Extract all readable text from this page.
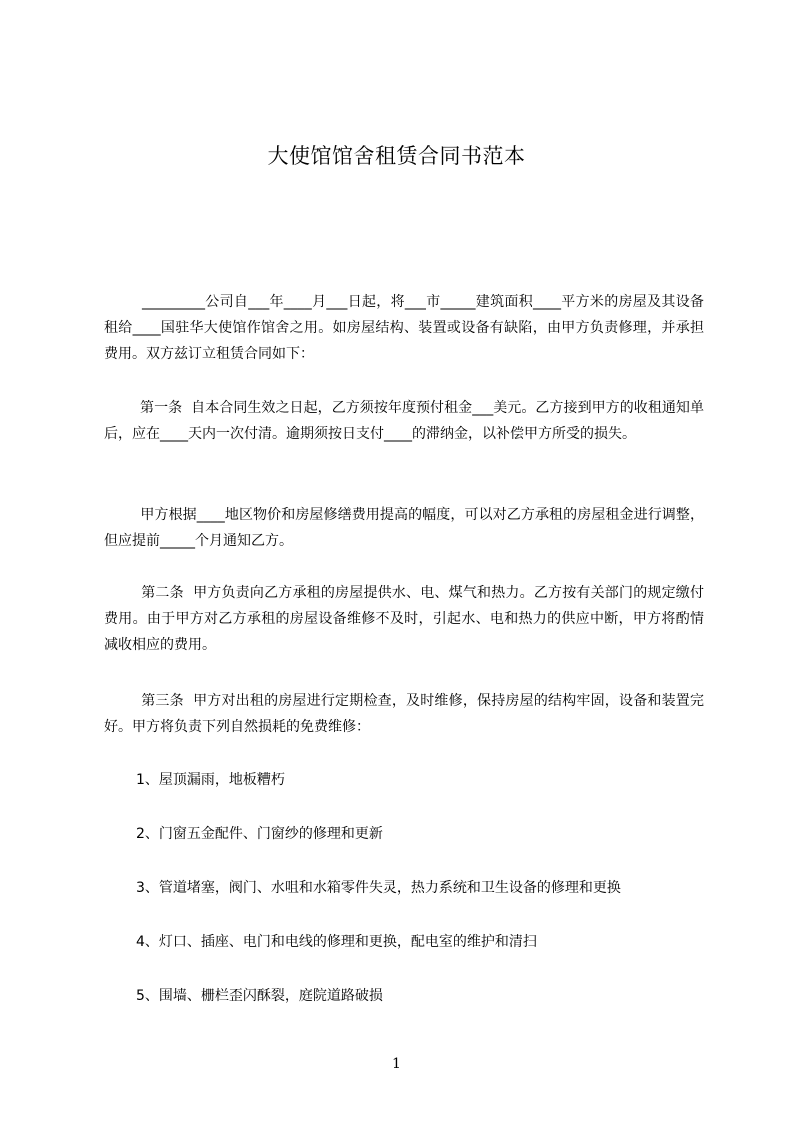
大使馆馆舍租赁合同书范本

_________公司自___年____月___日起，将___市_____建筑面积____平方米的房屋及其设备租给____国驻华大使馆作馆舍之用。如房屋结构、装置或设备有缺陷，由甲方负责修理，并承担费用。双方兹订立租赁合同如下：

第一条  自本合同生效之日起，乙方须按年度预付租金___美元。乙方接到甲方的收租通知单后，应在____天内一次付清。逾期须按日支付____的滞纳金，以补偿甲方所受的损失。

甲方根据____地区物价和房屋修缮费用提高的幅度，可以对乙方承租的房屋租金进行调整，但应提前_____个月通知乙方。

第二条  甲方负责向乙方承租的房屋提供水、电、煤气和热力。乙方按有关部门的规定缴付费用。由于甲方对乙方承租的房屋设备维修不及时，引起水、电和热力的供应中断，甲方将酌情减收相应的费用。

第三条  甲方对出租的房屋进行定期检查，及时维修，保持房屋的结构牢固，设备和装置完好。甲方将负责下列自然损耗的免费维修：

1、屋顶漏雨，地板糟朽

2、门窗五金配件、门窗纱的修理和更新

3、管道堵塞，阀门、水咀和水箱零件失灵，热力系统和卫生设备的修理和更换

4、灯口、插座、电门和电线的修理和更换，配电室的维护和清扫

5、围墙、栅栏歪闪酥裂，庭院道路破损

1
